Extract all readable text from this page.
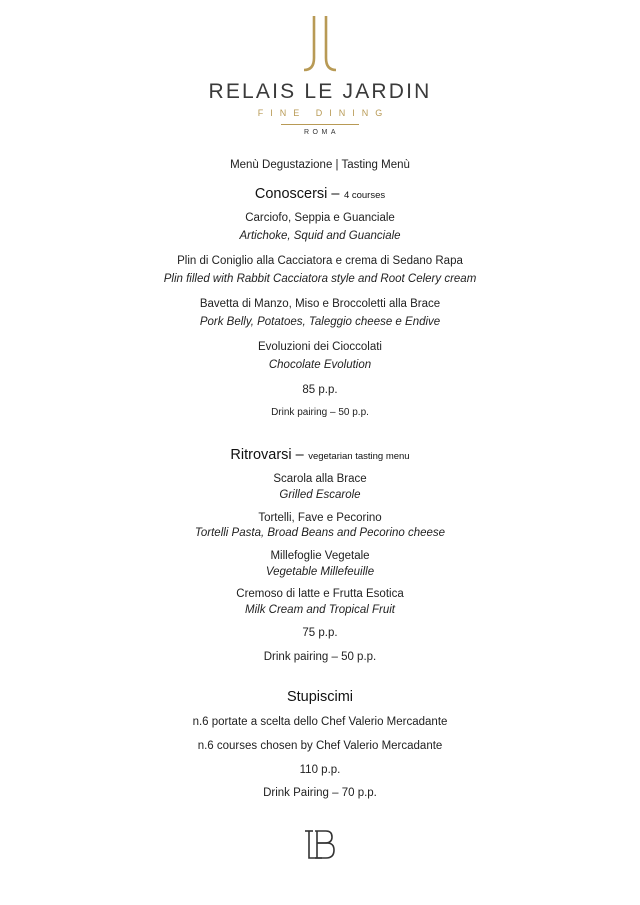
RELAIS LE JARDIN
FINE DINING
ROMA
Menù Degustazione | Tasting Menù
Conoscersi – 4 courses
Carciofo, Seppia e Guanciale
Artichoke, Squid and Guanciale
Plin di Coniglio alla Cacciatora e crema di Sedano Rapa
Plin filled with Rabbit Cacciatora style and Root Celery cream
Bavetta di Manzo, Miso e Broccoletti alla Brace
Pork Belly, Potatoes, Taleggio cheese e Endive
Evoluzioni dei Cioccolati
Chocolate Evolution
85 p.p.
Drink pairing – 50 p.p.
Ritrovarsi – vegetarian tasting menu
Scarola alla Brace
Grilled Escarole
Tortelli, Fave e Pecorino
Tortelli Pasta, Broad Beans and Pecorino cheese
Millefoglie Vegetale
Vegetable Millefeuille
Cremoso di latte e Frutta Esotica
Milk Cream and Tropical Fruit
75 p.p.
Drink pairing – 50 p.p.
Stupiscimi
n.6 portate a scelta dello Chef Valerio Mercadante
n.6 courses chosen by Chef Valerio Mercadante
110 p.p.
Drink Pairing – 70 p.p.
